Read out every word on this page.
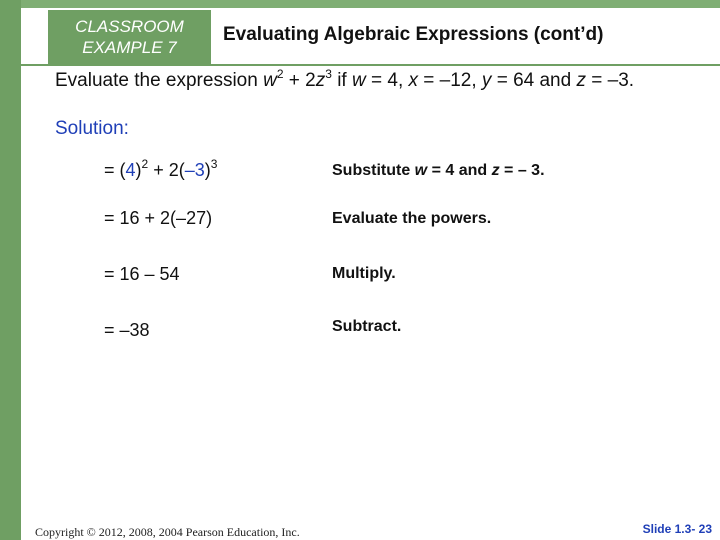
CLASSROOM
EXAMPLE 7
Evaluating Algebraic Expressions (cont’d)
Evaluate the expression $w^2 + 2z^3$ if w = 4, x = –12, y = 64 and z = –3.
Solution:
= $(4)^2 + 2(-3)^3$	Substitute w = 4 and z = – 3.
= 16 + 2(–27)	Evaluate the powers.
= 16 – 54	Multiply.
= –38	Subtract.
Copyright © 2012, 2008, 2004 Pearson Education, Inc.	Slide 1.3- 23
